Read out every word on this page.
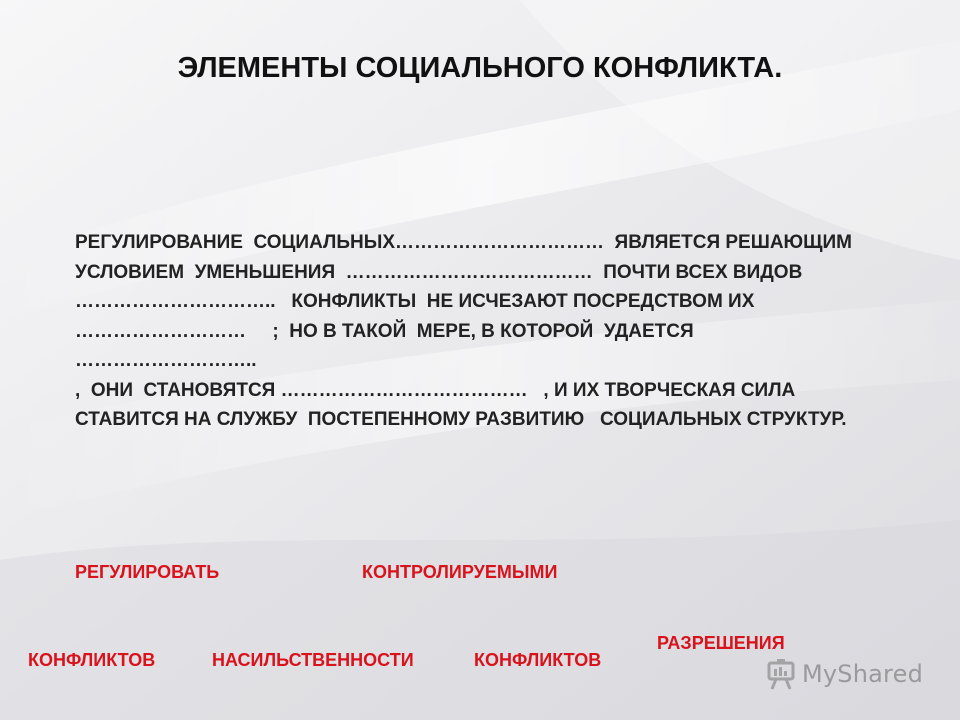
ЭЛЕМЕНТЫ СОЦИАЛЬНОГО КОНФЛИКТА.
РЕГУЛИРОВАНИЕ  СОЦИАЛЬНЫХ……………………………  ЯВЛЯЕТСЯ РЕШАЮЩИМ
УСЛОВИЕМ  УМЕНЬШЕНИЯ  …………………………………  ПОЧТИ ВСЕХ ВИДОВ
…………………………..   КОНФЛИКТЫ  НЕ ИСЧЕЗАЮТ ПОСРЕДСТВОМ ИХ
………………………     ;  НО В ТАКОЙ  МЕРЕ, В КОТОРОЙ  УДАЕТСЯ
………………………..
,  ОНИ  СТАНОВЯТСЯ …………………………………   , И ИХ ТВОРЧЕСКАЯ СИЛА
СТАВИТСЯ НА СЛУЖБУ  ПОСТЕПЕННОМУ РАЗВИТИЮ   СОЦИАЛЬНЫХ СТРУКТУР.
РЕГУЛИРОВАТЬ	КОНТРОЛИРУЕМЫМИ
РАЗРЕШЕНИЯ
КОНФЛИКТОВ	НАСИЛЬСТВЕННОСТИ	КОНФЛИКТОВ	MyShared
